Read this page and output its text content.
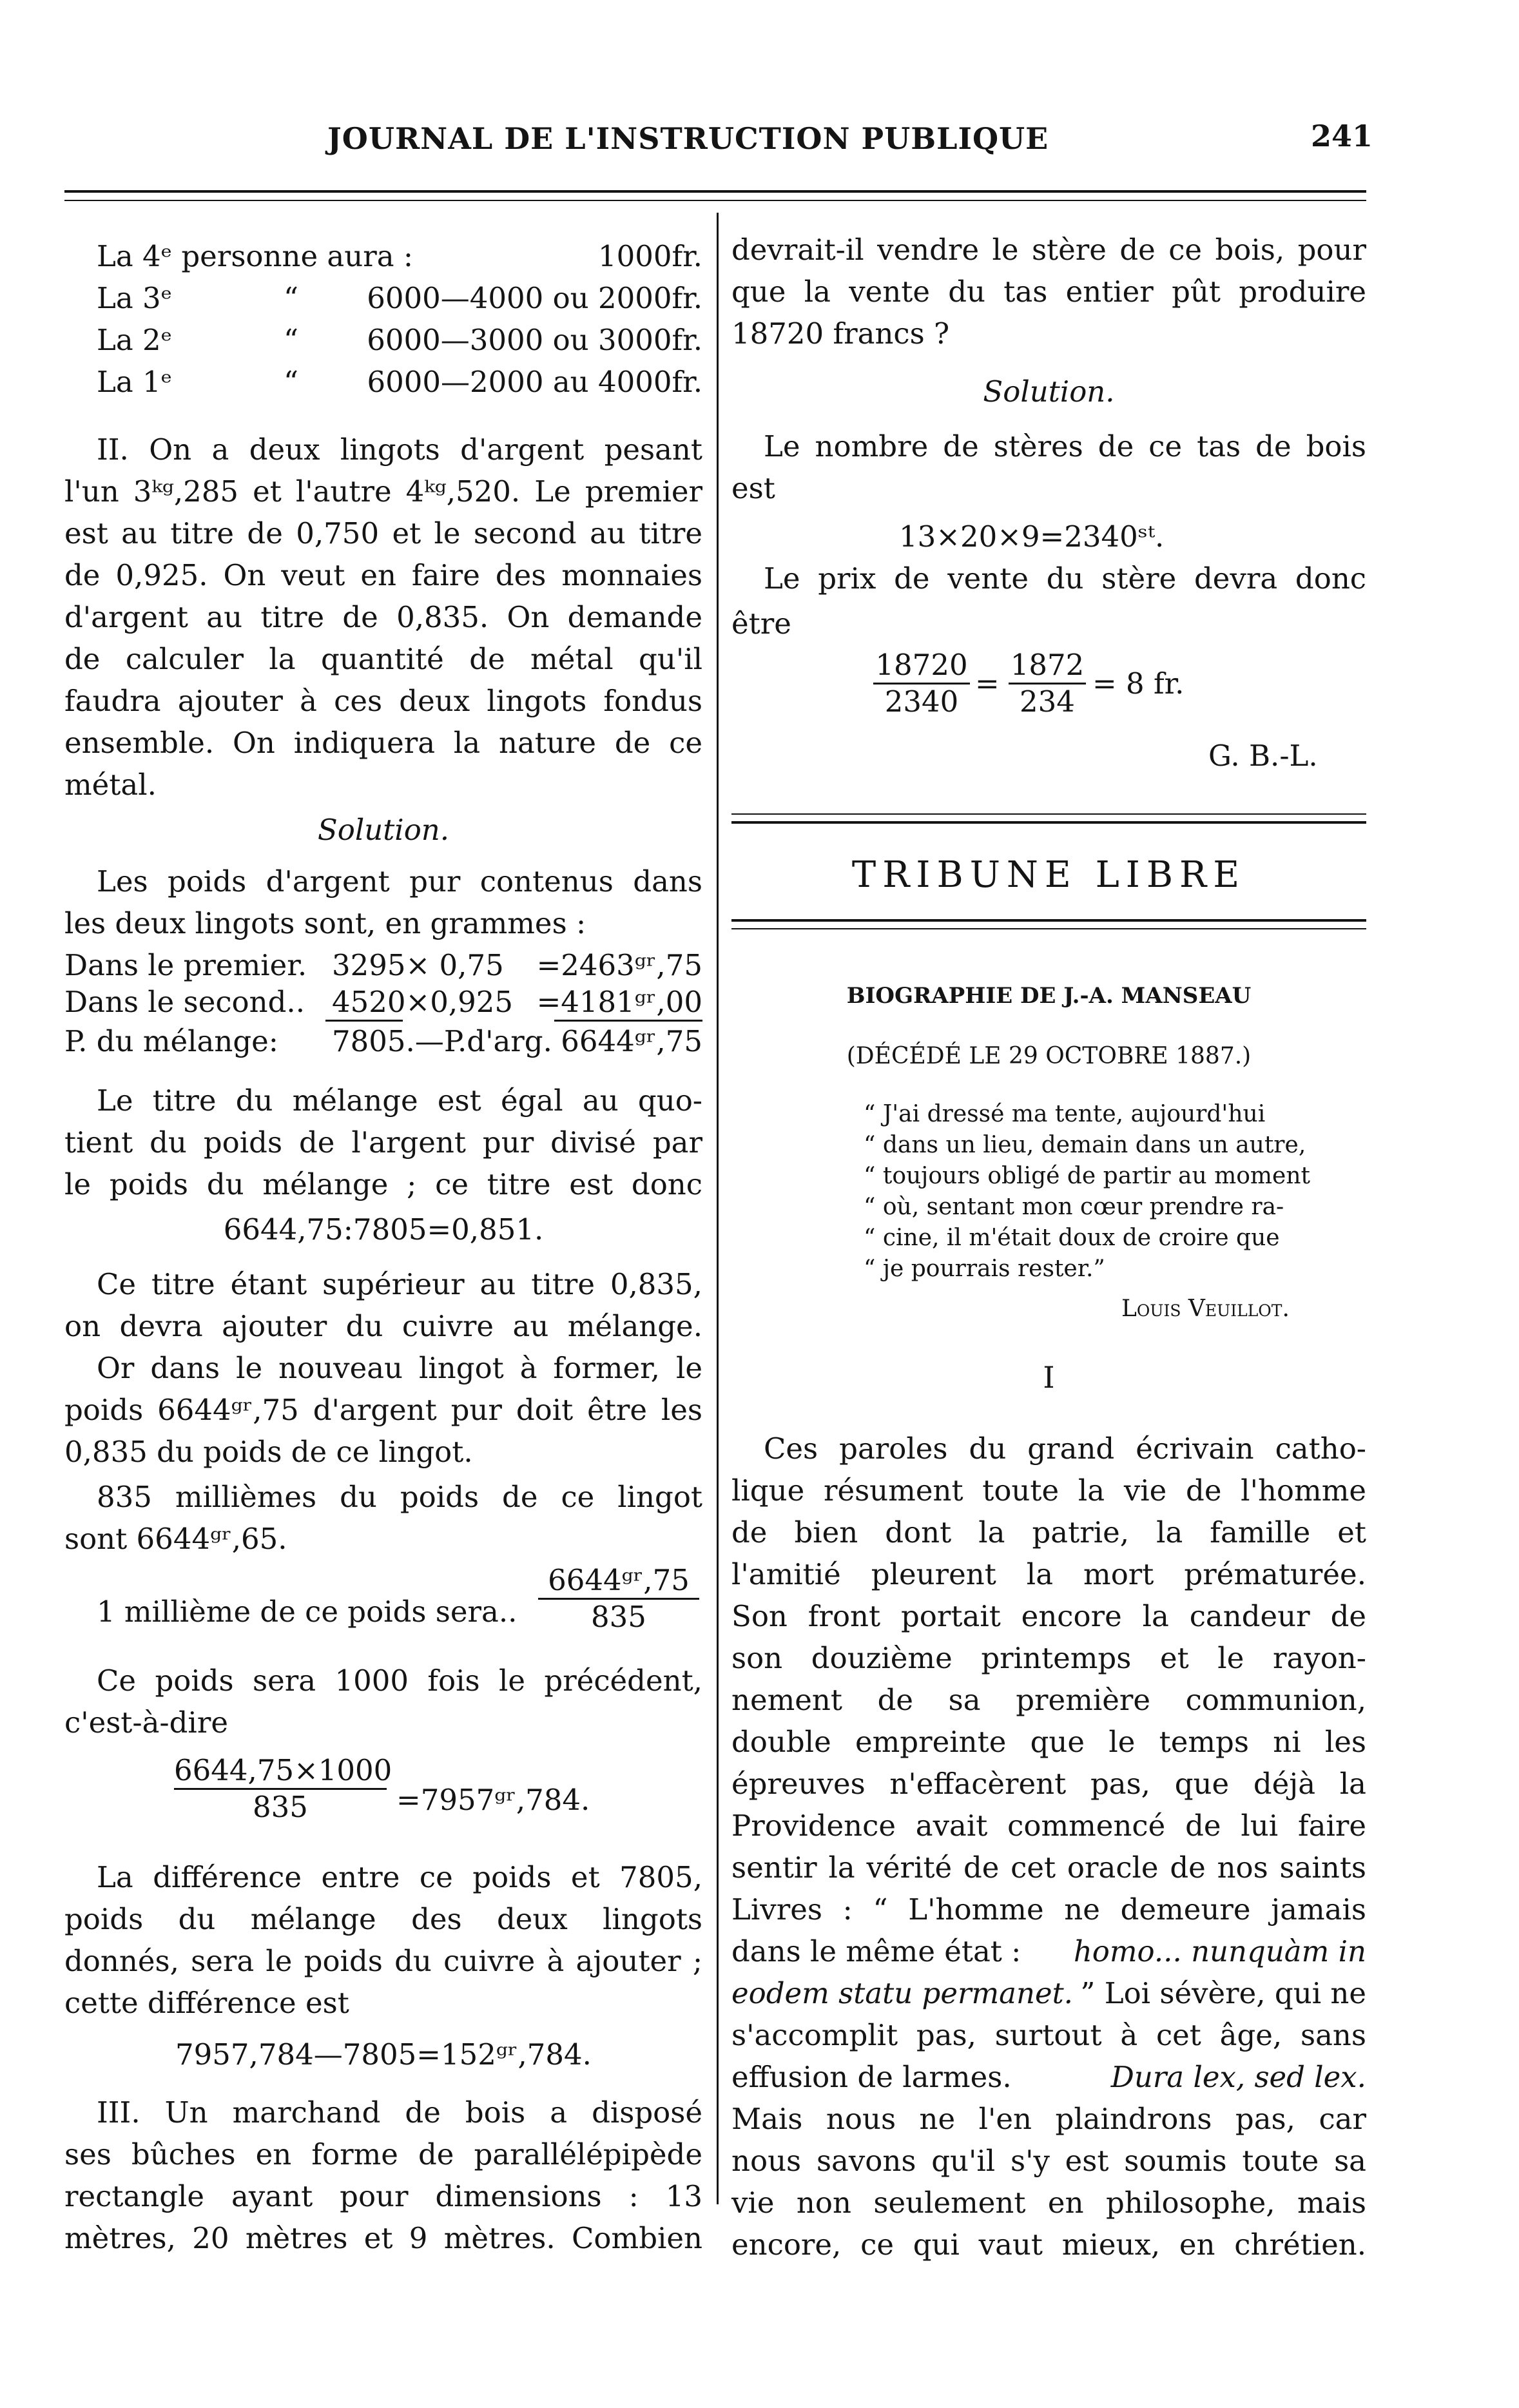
JOURNAL DE L'INSTRUCTION PUBLIQUE	241
La 4ᵉ personne aura :	1000fr.
La 3ᵉ	“ 6000—4000 ou 2000fr.
La 2ᵉ	“ 6000—3000 ou 3000fr.
La 1ᵉ	“ 6000—2000 au 4000fr.
II. On a deux lingots d'argent pesant
l'un 3ᵏᵍ,285 et l'autre 4ᵏᵍ,520. Le premier
est au titre de 0,750 et le second au titre
de 0,925. On veut en faire des monnaies
d'argent au titre de 0,835. On demande
de calculer la quantité de métal qu'il
faudra ajouter à ces deux lingots fondus
ensemble. On indiquera la nature de ce
métal.
Solution.
Les poids d'argent pur contenus dans
les deux lingots sont, en grammes :
Dans le premier. 3295× 0,75 =2463ᵍʳ,75
Dans le second.. 4520×0,925 =4181ᵍʳ,00
P. du mélange: 7805.—P.d'arg. 6644ᵍʳ,75
Le titre du mélange est égal au quo-
tient du poids de l'argent pur divisé par
le poids du mélange ; ce titre est donc
6644,75:7805=0,851.
Ce titre étant supérieur au titre 0,835,
on devra ajouter du cuivre au mélange.
Or dans le nouveau lingot à former, le
poids 6644ᵍʳ,75 d'argent pur doit être les
0,835 du poids de ce lingot.
835 millièmes du poids de ce lingot
sont 6644ᵍʳ,65.
1 millième de ce poids sera..
6644ᵍʳ,75
835
Ce poids sera 1000 fois le précédent,
c'est-à-dire
6644,75×1000
835	=7957ᵍʳ,784.
La différence entre ce poids et 7805,
poids du mélange des deux lingots
donnés, sera le poids du cuivre à ajouter ;
cette différence est
7957,784—7805=152ᵍʳ,784.
III. Un marchand de bois a disposé
ses bûches en forme de parallélépipède
rectangle ayant pour dimensions : 13
mètres, 20 mètres et 9 mètres. Combien
devrait-il vendre le stère de ce bois, pour
que la vente du tas entier pût produire
18720 francs ?
Solution.
Le nombre de stères de ce tas de bois
est
13×20×9=2340ˢᵗ.
Le prix de vente du stère devra donc
être
18720
2340
=
1872
234
= 8 fr.
G. B.-L.
TRIBUNE LIBRE
BIOGRAPHIE DE J.-A. MANSEAU
(DÉCÉDÉ LE 29 OCTOBRE 1887.)
“ J'ai dressé ma tente, aujourd'hui
“ dans un lieu, demain dans un autre,
“ toujours obligé de partir au moment
“ où, sentant mon cœur prendre ra-
“ cine, il m'était doux de croire que
“ je pourrais rester.”
Louis Veuillot.
I
Ces paroles du grand écrivain catho-
lique résument toute la vie de l'homme
de bien dont la patrie, la famille et
l'amitié pleurent la mort prématurée.
Son front portait encore la candeur de
son douzième printemps et le rayon-
nement de sa première communion,
double empreinte que le temps ni les
épreuves n'effacèrent pas, que déjà la
Providence avait commencé de lui faire
sentir la vérité de cet oracle de nos saints
Livres : “ L'homme ne demeure jamais
dans le même état : homo... nunquàm in
eodem statu permanet. ” Loi sévère, qui ne
s'accomplit pas, surtout à cet âge, sans
effusion de larmes.	Dura lex, sed lex.
Mais nous ne l'en plaindrons pas, car
nous savons qu'il s'y est soumis toute sa
vie non seulement en philosophe, mais
encore, ce qui vaut mieux, en chrétien.
